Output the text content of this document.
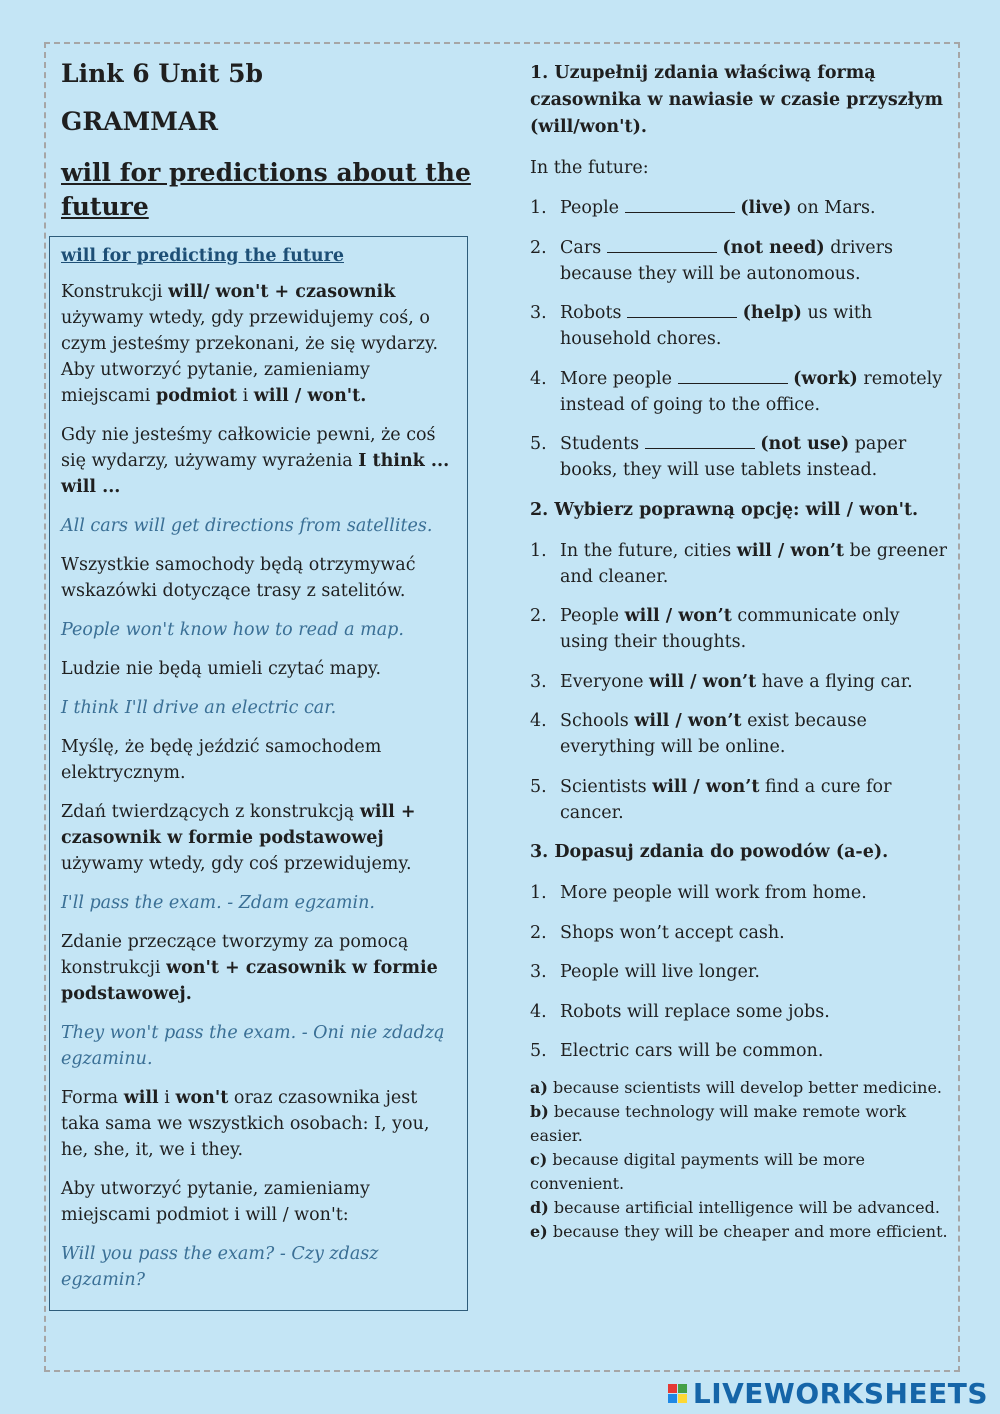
Link 6 Unit 5b
GRAMMAR
will for predictions about the future

will for predicting the future

Konstrukcji will/ won't + czasownik używamy wtedy, gdy przewidujemy coś, o czym jesteśmy przekonani, że się wydarzy. Aby utworzyć pytanie, zamieniamy miejscami podmiot i will / won't.

Gdy nie jesteśmy całkowicie pewni, że coś się wydarzy, używamy wyrażenia I think ... will ...

All cars will get directions from satellites.

Wszystkie samochody będą otrzymywać wskazówki dotyczące trasy z satelitów.

People won't know how to read a map.

Ludzie nie będą umieli czytać mapy.

I think I'll drive an electric car.

Myślę, że będę jeździć samochodem elektrycznym.

Zdań twierdzących z konstrukcją will + czasownik w formie podstawowej używamy wtedy, gdy coś przewidujemy.

I'll pass the exam. - Zdam egzamin.

Zdanie przeczące tworzymy za pomocą konstrukcji won't + czasownik w formie podstawowej.

They won't pass the exam. - Oni nie zdadzą egzaminu.

Forma will i won't oraz czasownika jest taka sama we wszystkich osobach: I, you, he, she, it, we i they.

Aby utworzyć pytanie, zamieniamy miejscami podmiot i will / won't:

Will you pass the exam? - Czy zdasz egzamin?

1. Uzupełnij zdania właściwą formą czasownika w nawiasie w czasie przyszłym (will/won't).

In the future:

1. People	(live) on Mars.
2. Cars	(not need) drivers because they will be autonomous.
3. Robots	(help) us with household chores.
4. More people	(work) remotely instead of going to the office.
5. Students	(not use) paper books, they will use tablets instead.

2. Wybierz poprawną opcję: will / won't.

1. In the future, cities will / won’t be greener and cleaner.
2. People will / won’t communicate only using their thoughts.
3. Everyone will / won’t have a flying car.
4. Schools will / won’t exist because everything will be online.
5. Scientists will / won’t find a cure for cancer.

3. Dopasuj zdania do powodów (a-e).

1. More people will work from home.
2. Shops won’t accept cash.
3. People will live longer.
4. Robots will replace some jobs.
5. Electric cars will be common.
a) because scientists will develop better medicine.
b) because technology will make remote work easier.
c) because digital payments will be more convenient.
d) because artificial intelligence will be advanced.
e) because they will be cheaper and more efficient.
LIVEWORKSHEETS
